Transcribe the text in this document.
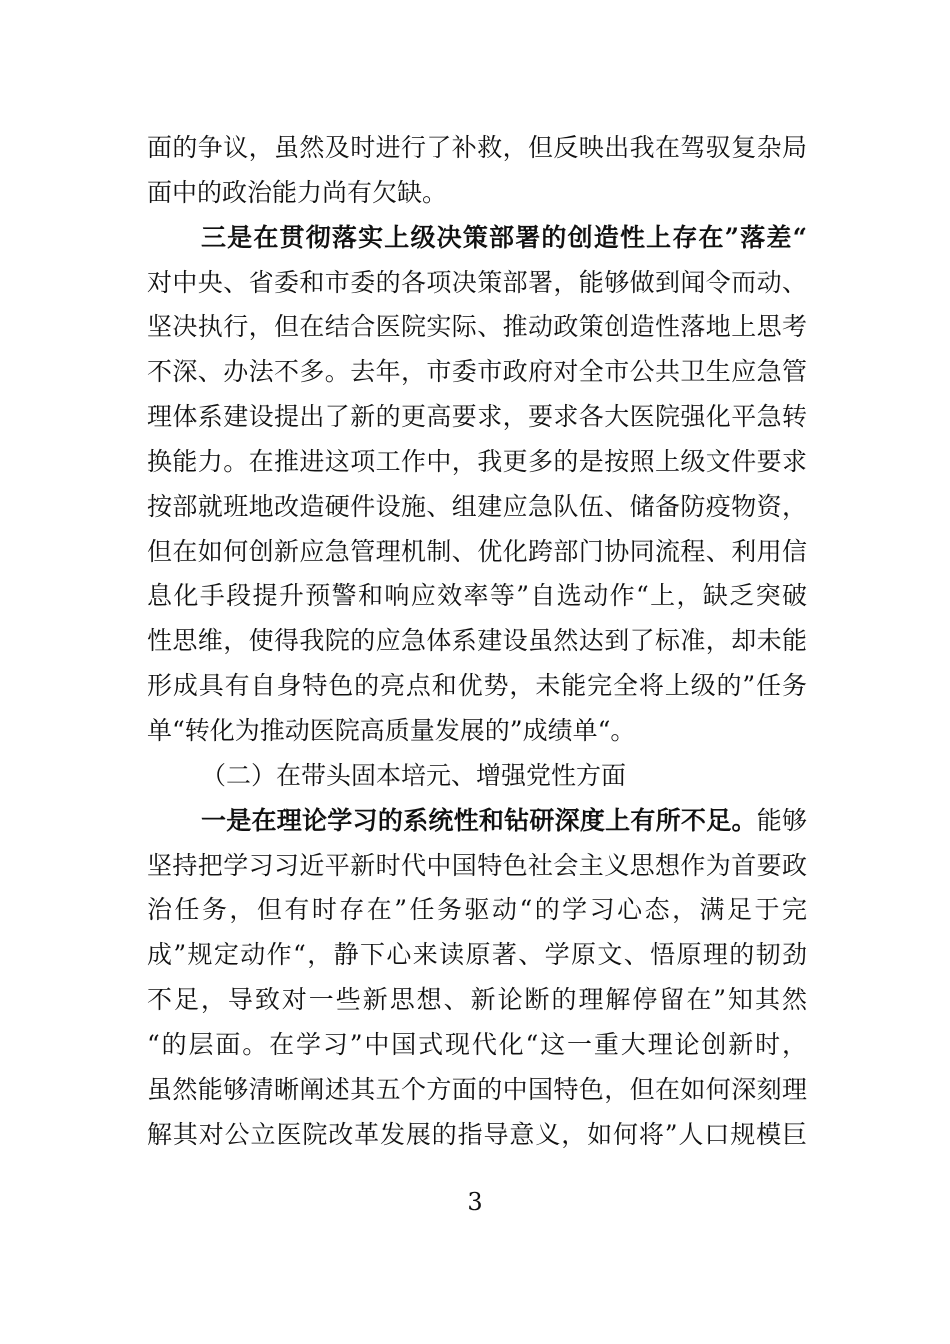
面的争议，虽然及时进行了补救，但反映出我在驾驭复杂局
面中的政治能力尚有欠缺。
三是在贯彻落实上级决策部署的创造性上存在”落差“
对中央、省委和市委的各项决策部署，能够做到闻令而动、
坚决执行，但在结合医院实际、推动政策创造性落地上思考
不深、办法不多。去年，市委市政府对全市公共卫生应急管
理体系建设提出了新的更高要求，要求各大医院强化平急转
换能力。在推进这项工作中，我更多的是按照上级文件要求
按部就班地改造硬件设施、组建应急队伍、储备防疫物资，
但在如何创新应急管理机制、优化跨部门协同流程、利用信
息化手段提升预警和响应效率等”自选动作“上，缺乏突破
性思维，使得我院的应急体系建设虽然达到了标准，却未能
形成具有自身特色的亮点和优势，未能完全将上级的”任务
单“转化为推动医院高质量发展的”成绩单“。
（二）在带头固本培元、增强党性方面
一是在理论学习的系统性和钻研深度上有所不足。能够
坚持把学习习近平新时代中国特色社会主义思想作为首要政
治任务，但有时存在”任务驱动“的学习心态，满足于完
成”规定动作“，静下心来读原著、学原文、悟原理的韧劲
不足，导致对一些新思想、新论断的理解停留在”知其然
“的层面。在学习”中国式现代化“这一重大理论创新时，
虽然能够清晰阐述其五个方面的中国特色，但在如何深刻理
解其对公立医院改革发展的指导意义，如何将”人口规模巨
3
